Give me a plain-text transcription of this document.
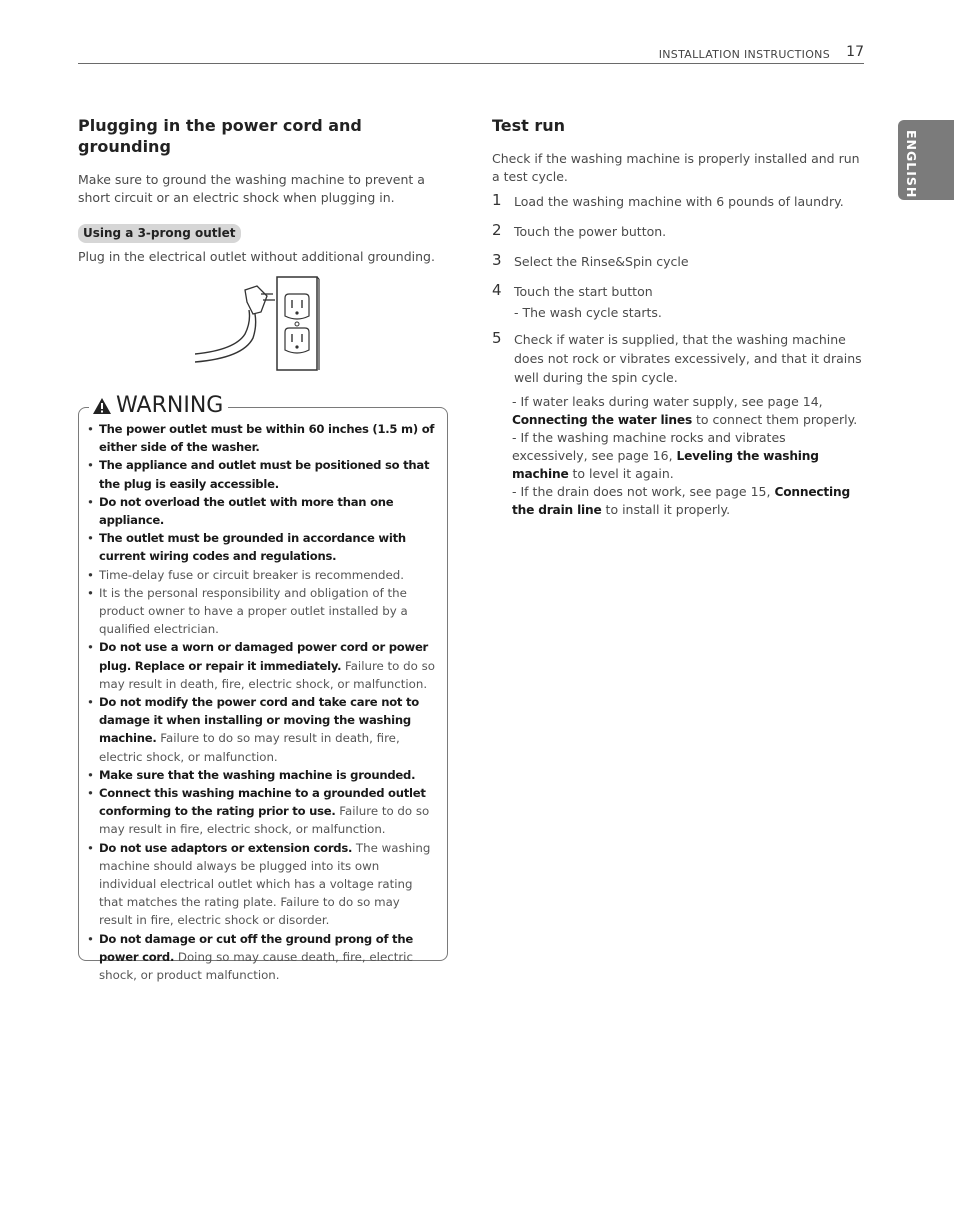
INSTALLATION INSTRUCTIONS 17
ENGLISH
Plugging in the power cord and
grounding

Make sure to ground the washing machine to prevent a short circuit or an electric shock when plugging in.

Using a 3-prong outlet

Plug in the electrical outlet without additional grounding.

WARNING
• The power outlet must be within 60 inches (1.5 m) of either side of the washer.
• The appliance and outlet must be positioned so that the plug is easily accessible.
• Do not overload the outlet with more than one appliance.
• The outlet must be grounded in accordance with current wiring codes and regulations.
• Time-delay fuse or circuit breaker is recommended.
• It is the personal responsibility and obligation of the product owner to have a proper outlet installed by a qualified electrician.
• Do not use a worn or damaged power cord or power plug. Replace or repair it immediately. Failure to do so may result in death, fire, electric shock, or malfunction.
• Do not modify the power cord and take care not to damage it when installing or moving the washing machine. Failure to do so may result in death, fire, electric shock, or malfunction.
• Make sure that the washing machine is grounded.
• Connect this washing machine to a grounded outlet conforming to the rating prior to use. Failure to do so may result in fire, electric shock, or malfunction.
• Do not use adaptors or extension cords. The washing machine should always be plugged into its own individual electrical outlet which has a voltage rating that matches the rating plate. Failure to do so may result in fire, electric shock or disorder.
• Do not damage or cut off the ground prong of the power cord. Doing so may cause death, fire, electric shock, or product malfunction.
Test run

Check if the washing machine is properly installed and run a test cycle.

1 Load the washing machine with 6 pounds of laundry.
2 Touch the power button.
3 Select the Rinse&Spin cycle
4 Touch the start button
- The wash cycle starts.
5 Check if water is supplied, that the washing machine does not rock or vibrates excessively, and that it drains well during the spin cycle.
- If water leaks during water supply, see page 14, Connecting the water lines to connect them properly.
- If the washing machine rocks and vibrates excessively, see page 16, Leveling the washing machine to level it again.
- If the drain does not work, see page 15, Connecting the drain line to install it properly.
